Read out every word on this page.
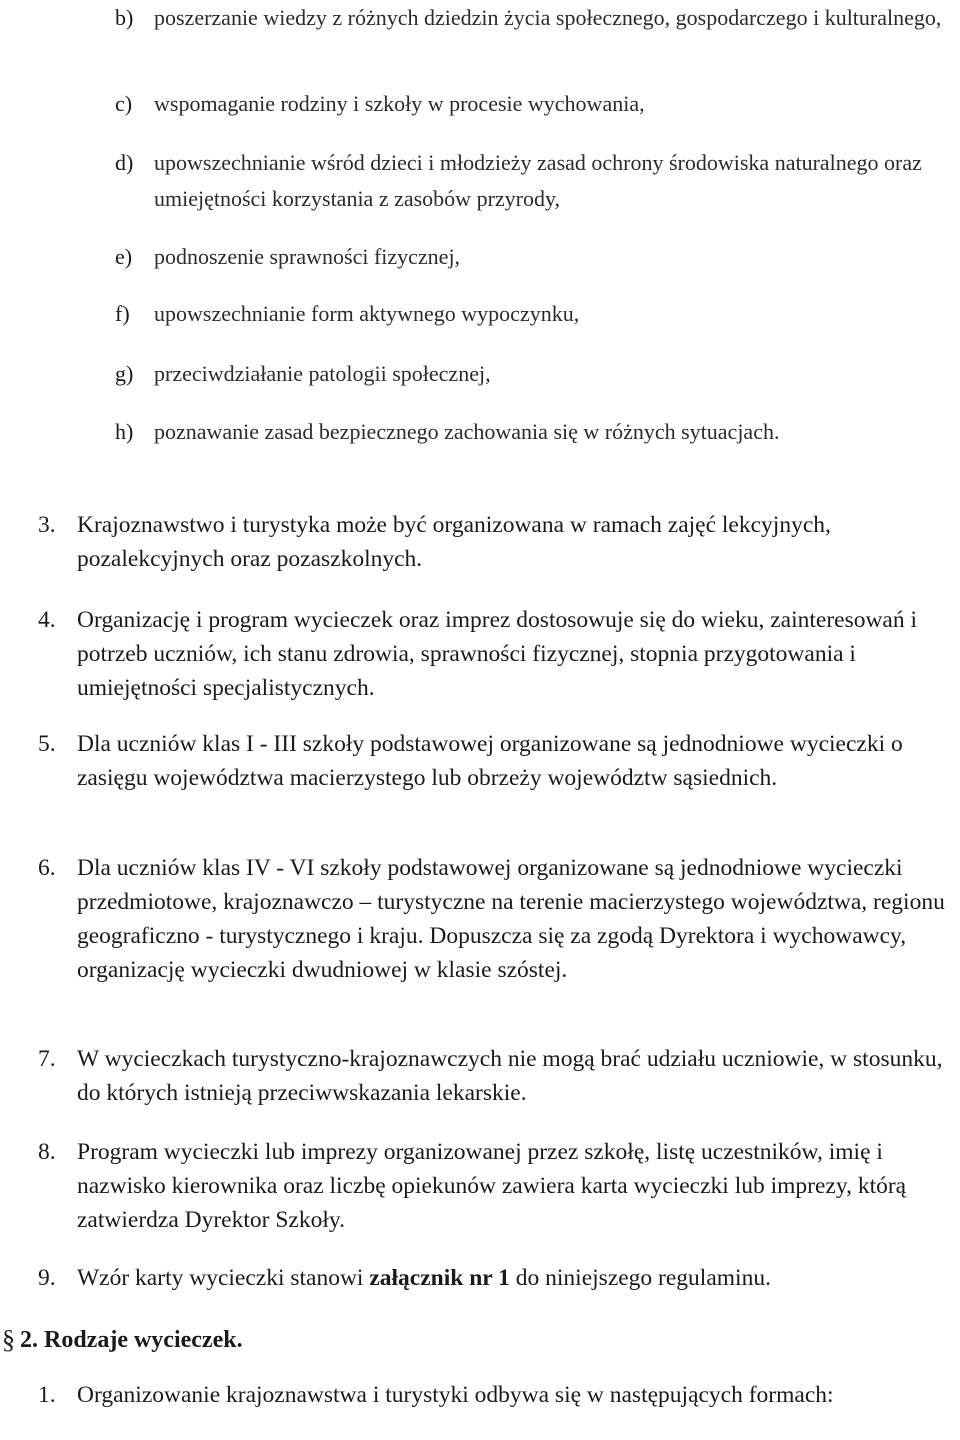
b) poszerzanie wiedzy z różnych dziedzin życia społecznego, gospodarczego i kulturalnego,
c) wspomaganie rodziny i szkoły w procesie wychowania,
d) upowszechnianie wśród dzieci i młodzieży zasad ochrony środowiska naturalnego oraz umiejętności korzystania z zasobów przyrody,
e) podnoszenie sprawności fizycznej,
f) upowszechnianie form aktywnego wypoczynku,
g) przeciwdziałanie patologii społecznej,
h) poznawanie zasad bezpiecznego zachowania się w różnych sytuacjach.
3. Krajoznawstwo i turystyka może być organizowana w ramach zajęć lekcyjnych, pozalekcyjnych oraz pozaszkolnych.
4. Organizację i program wycieczek oraz imprez dostosowuje się do wieku, zainteresowań i potrzeb uczniów, ich stanu zdrowia, sprawności fizycznej, stopnia przygotowania i umiejętności specjalistycznych.
5. Dla uczniów klas I - III szkoły podstawowej organizowane są jednodniowe wycieczki o zasięgu województwa macierzystego lub obrzeży województw sąsiednich.
6. Dla uczniów klas IV - VI szkoły podstawowej organizowane są jednodniowe wycieczki przedmiotowe, krajoznawczo – turystyczne na terenie macierzystego województwa, regionu geograficzno - turystycznego i kraju. Dopuszcza się za zgodą Dyrektora i wychowawcy, organizację wycieczki dwudniowej w klasie szóstej.
7. W wycieczkach turystyczno-krajoznawczych nie mogą brać udziału uczniowie, w stosunku, do których istnieją przeciwwskazania lekarskie.
8. Program wycieczki lub imprezy organizowanej przez szkołę, listę uczestników, imię i nazwisko kierownika oraz liczbę opiekunów zawiera karta wycieczki lub imprezy, którą zatwierdza Dyrektor Szkoły.
9. Wzór karty wycieczki stanowi załącznik nr 1 do niniejszego regulaminu.
§ 2. Rodzaje wycieczek.
1. Organizowanie krajoznawstwa i turystyki odbywa się w następujących formach:
